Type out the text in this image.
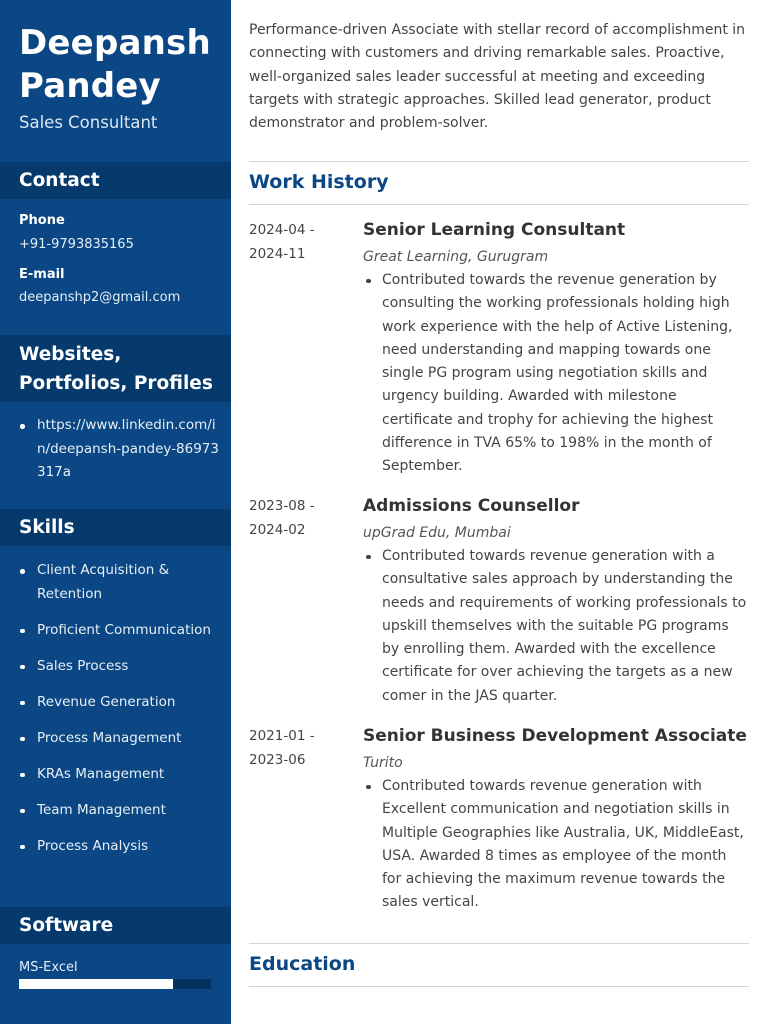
Deepansh Pandey
Sales Consultant
Contact
Phone
+91-9793835165
E-mail
deepanshp2@gmail.com
Websites, Portfolios, Profiles
https://www.linkedin.com/in/deepansh-pandey-86973317a
Skills
Client Acquisition & Retention
Proficient Communication
Sales Process
Revenue Generation
Process Management
KRAs Management
Team Management
Process Analysis
Software
MS-Excel

Performance-driven Associate with stellar record of accomplishment in connecting with customers and driving remarkable sales. Proactive, well-organized sales leader successful at meeting and exceeding targets with strategic approaches. Skilled lead generator, product demonstrator and problem-solver.

Work History
2024-04 - 2024-11
Senior Learning Consultant
Great Learning, Gurugram
Contributed towards the revenue generation by consulting the working professionals holding high work experience with the help of Active Listening, need understanding and mapping towards one single PG program using negotiation skills and urgency building. Awarded with milestone certificate and trophy for achieving the highest difference in TVA 65% to 198% in the month of September.
2023-08 - 2024-02
Admissions Counsellor
upGrad Edu, Mumbai
Contributed towards revenue generation with a consultative sales approach by understanding the needs and requirements of working professionals to upskill themselves with the suitable PG programs by enrolling them. Awarded with the excellence certificate for over achieving the targets as a new comer in the JAS quarter.
2021-01 - 2023-06
Senior Business Development Associate
Turito
Contributed towards revenue generation with Excellent communication and negotiation skills in Multiple Geographies like Australia, UK, MiddleEast, USA. Awarded 8 times as employee of the month for achieving the maximum revenue towards the sales vertical.
Education
